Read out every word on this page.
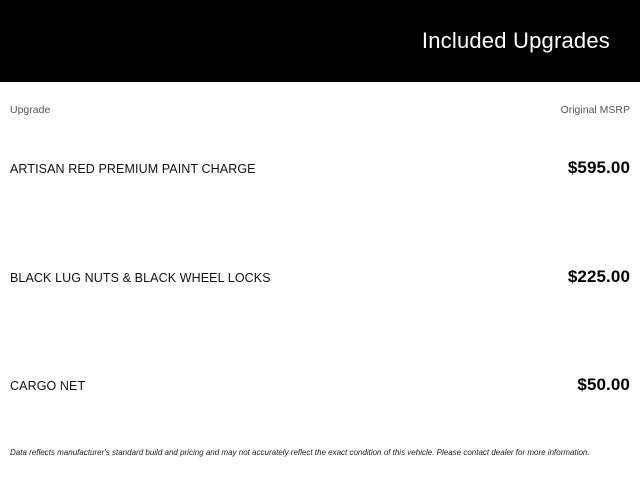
Included Upgrades
Upgrade	Original MSRP
ARTISAN RED PREMIUM PAINT CHARGE	$595.00
BLACK LUG NUTS & BLACK WHEEL LOCKS	$225.00
CARGO NET	$50.00
Data reflects manufacturer's standard build and pricing and may not accurately reflect the exact condition of this vehicle. Please contact dealer for more information.
